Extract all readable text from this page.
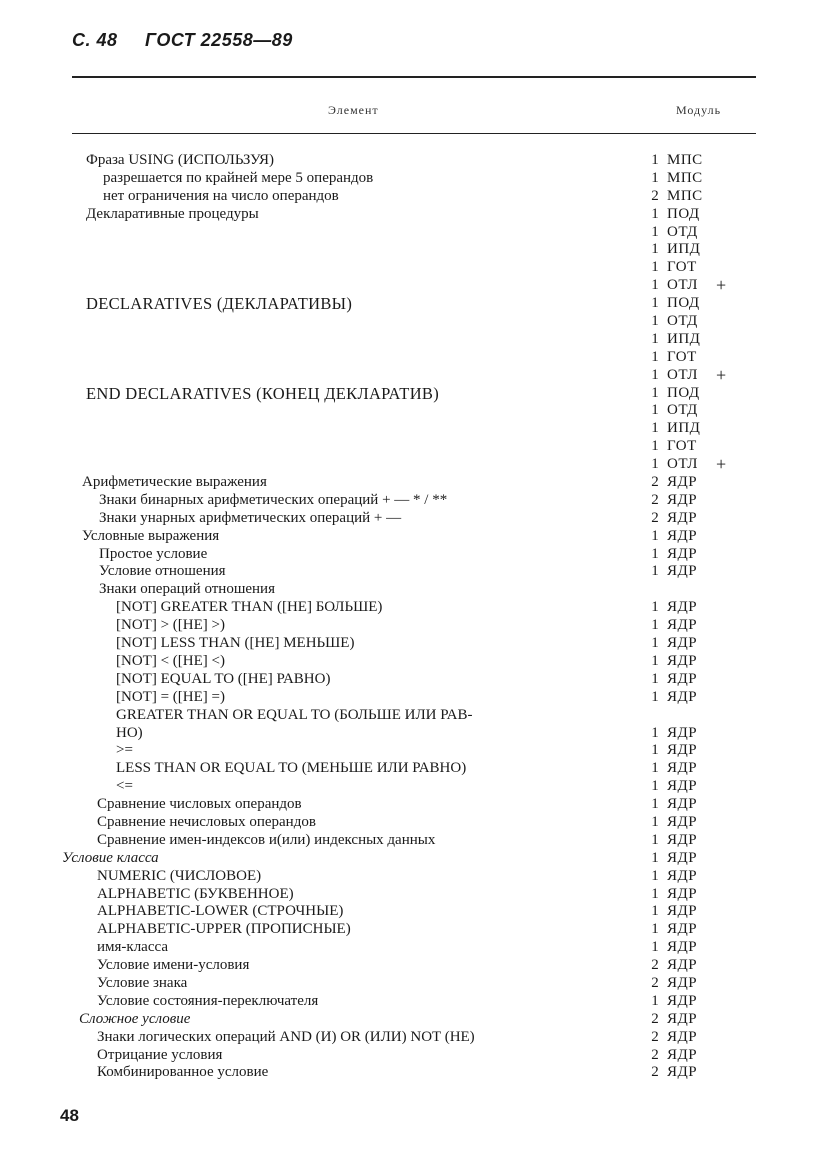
С. 48 ГОСТ 22558—89
Элемент	Модуль
Фраза USING (ИСПОЛЬЗУЯ)	1 МПС
разрешается по крайней мере 5 операндов	1 МПС
нет ограничения на число операндов	2 МПС
Декларативные процедуры	1 ПОД
1 ОТД
1 ИПД
1 ГОТ
1 ОТЛ +
DECLARATIVES (ДЕКЛАРАТИВЫ)	1 ПОД
1 ОТД
1 ИПД
1 ГОТ
1 ОТЛ +
END DECLARATIVES (КОНЕЦ ДЕКЛАРАТИВ)	1 ПОД
1 ОТД
1 ИПД
1 ГОТ
1 ОТЛ +
Арифметические выражения	2 ЯДР
Знаки бинарных арифметических операций + — * / **	2 ЯДР
Знаки унарных арифметических операций + —	2 ЯДР
Условные выражения	1 ЯДР
Простое условие	1 ЯДР
Условие отношения	1 ЯДР
Знаки операций отношения
[NOT] GREATER THAN ([НЕ] БОЛЬШЕ)	1 ЯДР
[NOT] > ([НЕ] >)	1 ЯДР
[NOT] LESS THAN ([НЕ] МЕНЬШЕ)	1 ЯДР
[NOT] < ([НЕ] <)	1 ЯДР
[NOT] EQUAL TO ([НЕ] РАВНО)	1 ЯДР
[NOT] = ([НЕ] =)	1 ЯДР
GREATER THAN OR EQUAL TO (БОЛЬШЕ ИЛИ РАВ-
НО)	1 ЯДР
>=	1 ЯДР
LESS THAN OR EQUAL TO (МЕНЬШЕ ИЛИ РАВНО)	1 ЯДР
<=	1 ЯДР
Сравнение числовых операндов	1 ЯДР
Сравнение нечисловых операндов	1 ЯДР
Сравнение имен-индексов и(или) индексных данных	1 ЯДР
Условие класса	1 ЯДР
NUMERIC (ЧИСЛОВОЕ)	1 ЯДР
ALPHABETIC (БУКВЕННОЕ)	1 ЯДР
ALPHABETIC-LOWER (СТРОЧНЫЕ)	1 ЯДР
ALPHABETIC-UPPER (ПРОПИСНЫЕ)	1 ЯДР
имя-класса	1 ЯДР
Условие имени-условия	2 ЯДР
Условие знака	2 ЯДР
Условие состояния-переключателя	1 ЯДР
Сложное условие	2 ЯДР
Знаки логических операций AND (И) OR (ИЛИ) NOT (НЕ)	2 ЯДР
Отрицание условия	2 ЯДР
Комбинированное условие	2 ЯДР
48
